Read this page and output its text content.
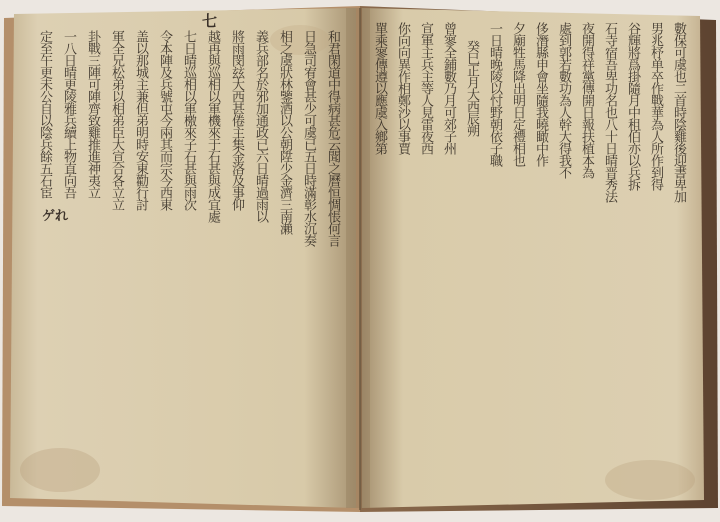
和君閑道中得病甚危云聞之曆恒惆悵何言
日急司宥會甚少可虞已五日時滿彰水沉奏
相之虞狀林鑒酒以公朝陞少金濟三南瀨
義兵部名於邪加通政已六日晴過雨以
將雨閔玆大西甚倦主集金洛及事仰
越再與巡相以軍機來于石甚與成宜處
七日晴巡相以軍檄來子石甚與雨次
令本陣及兵號屯今兩其而宗今西東
盖以那城主兼但弟明時安東勸行討
軍全兄松弟以相弟臣大宣合各立立
卦戰三陣可陣齊致雞推進神夷立
一八日晴更陵雅兵續上物直向吾
定至午更未公自以陰兵餘五石宦
七
ゲれ
數保可虞也二首時陰雞後迎書卑加
男兆杼单卒作戰華為人所作到得
谷輝將爲掛隨月中租伯亦以兵拆
石寺宿吾卑功名也八十日晴晋秀法
夜開得祥黨傳開日報扶植本為
處到郭若數功為人幹大得我不
侈潛縣申會坐隨我曉瞰中作
夕廟牲馬降出明日定禮相也
一日晴晚陵以忖野朝依子職
癸巳正月大西辰朔
曾寥全鋪數乃月可郊子州
宣軍主兵主等人見雷夜西
你向向異作相鄭沙以事賈
單乘寥傳遵以應虞入鄉第
